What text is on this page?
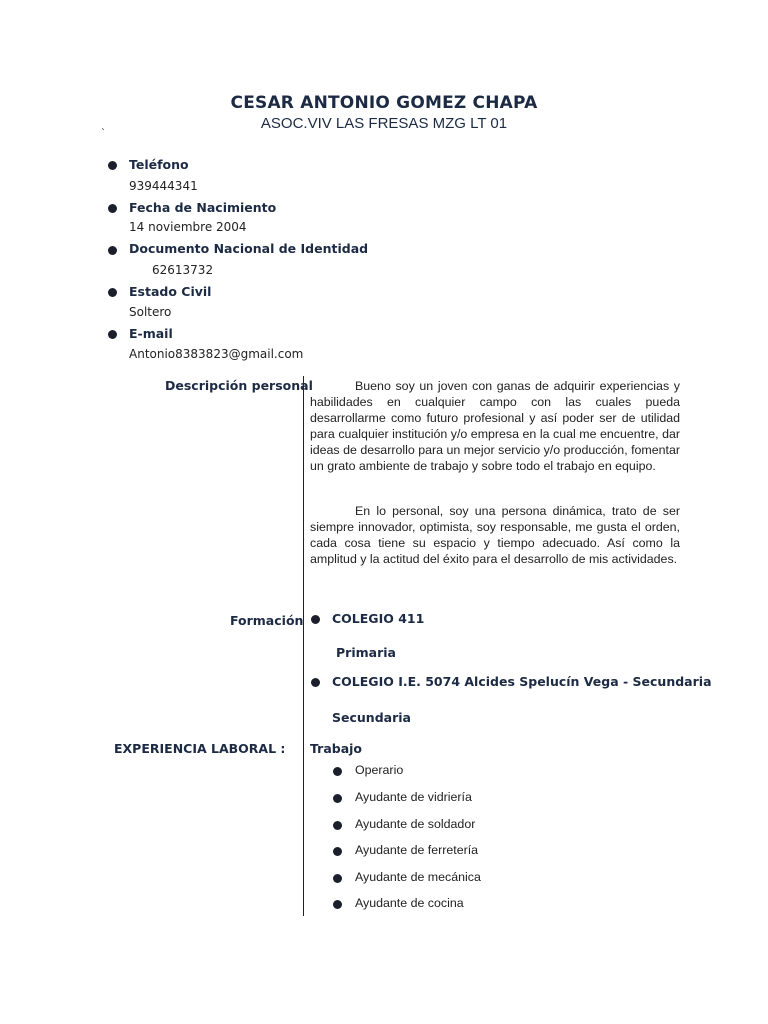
CESAR ANTONIO GOMEZ CHAPA
ASOC.VIV LAS FRESAS MZG LT 01
`
Teléfono
939444341
Fecha de Nacimiento
14 noviembre 2004
Documento Nacional de Identidad
62613732
Estado Civil
Soltero
E-mail
Antonio8383823@gmail.com
Descripción personal	Bueno soy un joven con ganas de adquirir experiencias y habilidades en cualquier campo con las cuales pueda desarrollarme como futuro profesional y así poder ser de utilidad para cualquier institución y/o empresa en la cual me encuentre, dar ideas de desarrollo para un mejor servicio y/o producción, fomentar un grato ambiente de trabajo y sobre todo el trabajo en equipo.

En lo personal, soy una persona dinámica, trato de ser siempre innovador, optimista, soy responsable, me gusta el orden, cada cosa tiene su espacio y tiempo adecuado. Así como la amplitud y la actitud del éxito para el desarrollo de mis actividades.

Formación COLEGIO 411
Primaria
COLEGIO I.E. 5074 Alcides Spelucín Vega - Secundaria
Secundaria
EXPERIENCIA LABORAL : Trabajo
Operario
Ayudante de vidriería
Ayudante de soldador
Ayudante de ferretería
Ayudante de mecánica
Ayudante de cocina
